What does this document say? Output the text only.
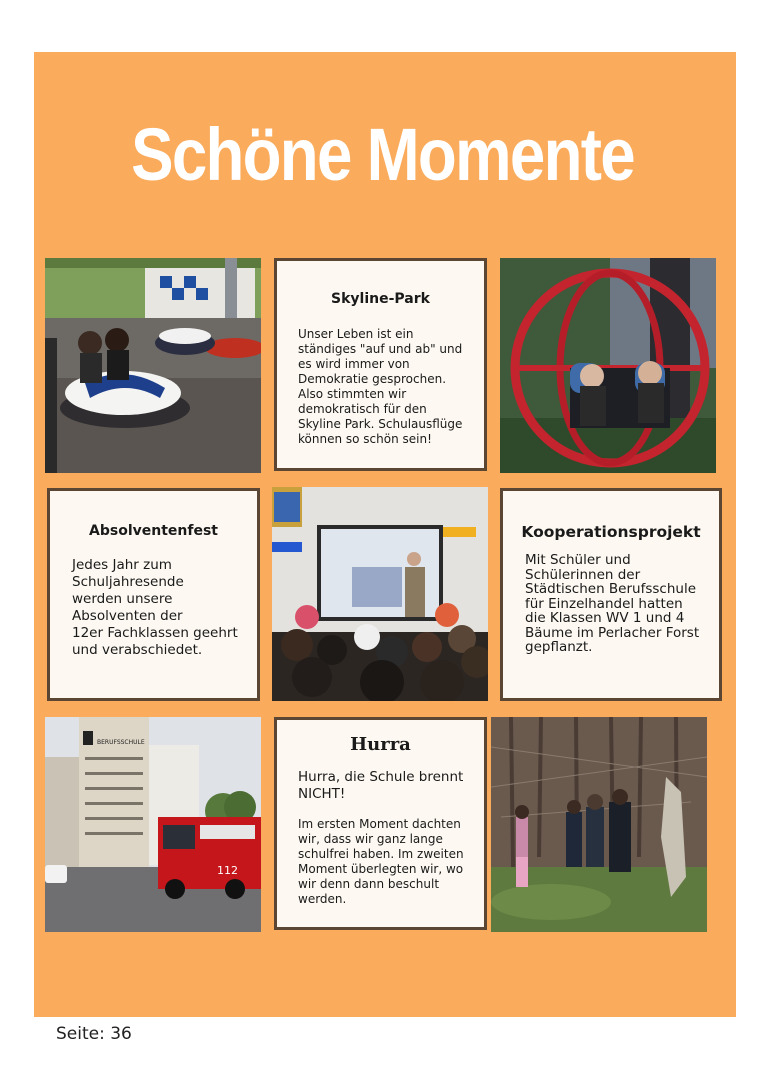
Schöne Momente
Skyline-Park

Unser Leben ist ein
ständiges "auf und ab" und
es wird immer von
Demokratie gesprochen.
Also stimmten wir
demokratisch für den
Skyline Park. Schulausflüge
können so schön sein!

Absolventenfest

Jedes Jahr zum
Schuljahresende
werden unsere
Absolventen der
12er Fachklassen geehrt
und verabschiedet.

Kooperationsprojekt

Mit Schüler und
Schülerinnen der
Städtischen Berufsschule
für Einzelhandel hatten
die Klassen WV 1 und 4
Bäume im Perlacher Forst
gepflanzt.

BERUFSSCHULE
112
Hurra

Hurra, die Schule brennt
NICHT!

Im ersten Moment dachten
wir, dass wir ganz lange
schulfrei haben. Im zweiten
Moment überlegten wir, wo
wir denn dann beschult
werden.

Seite: 36
